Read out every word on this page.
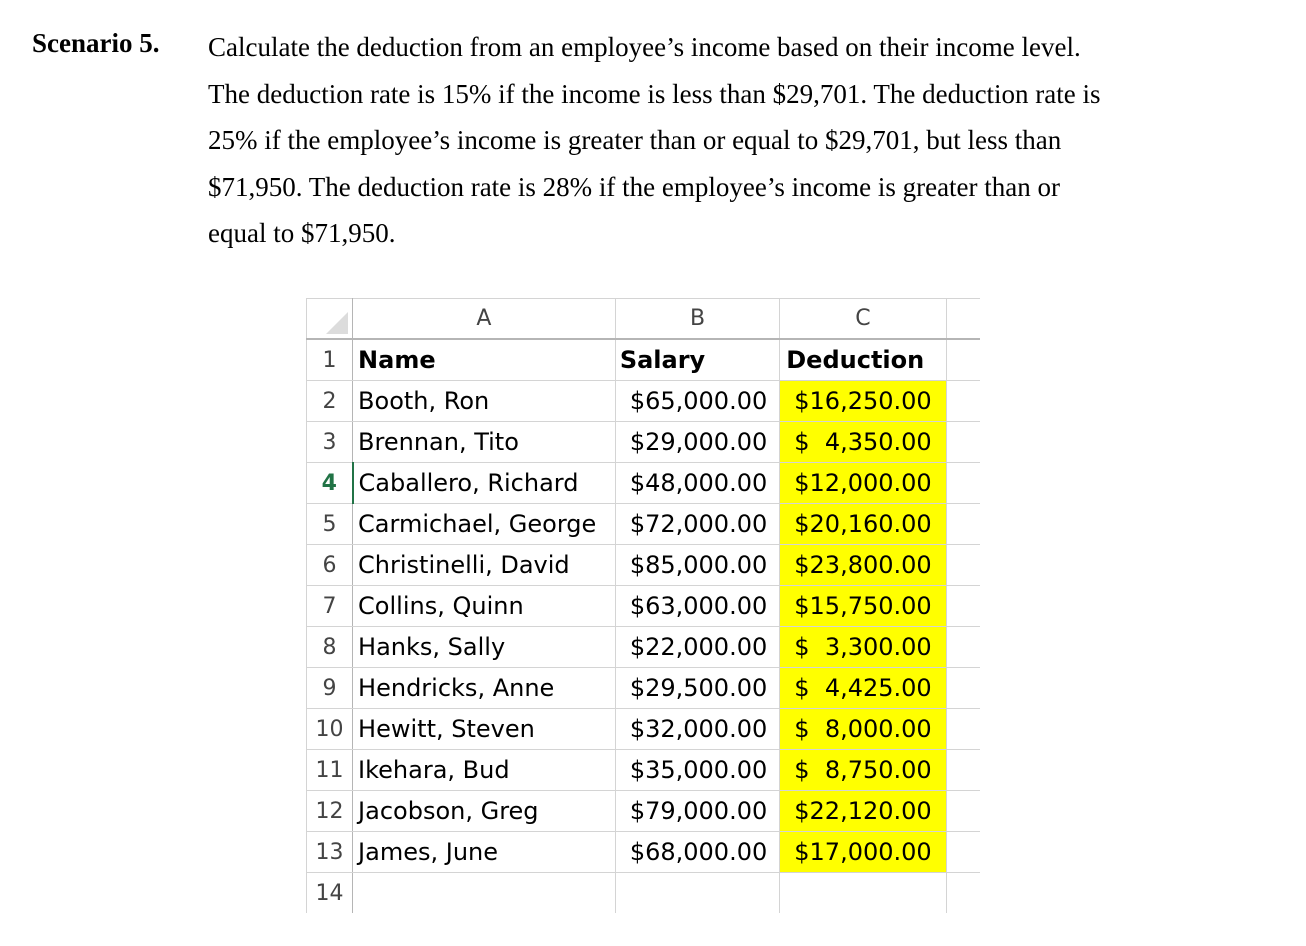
Scenario 5. Calculate the deduction from an employee’s income based on their income level.
The deduction rate is 15% if the income is less than $29,701. The deduction rate is
25% if the employee’s income is greater than or equal to $29,701, but less than
$71,950. The deduction rate is 28% if the employee’s income is greater than or
equal to $71,950.
	A	B	C	
1	Name	Salary	Deduction	
2	Booth, Ron	$ 65,000.00	$ 16,250.00	

3	Brennan, Tito	$ 29,000.00	$ 4,350.00	

4	Caballero, Richard	$ 48,000.00	$ 12,000.00	

5	Carmichael, George	$ 72,000.00	$ 20,160.00	

6	Christinelli, David	$ 85,000.00	$ 23,800.00	

7	Collins, Quinn	$ 63,000.00	$ 15,750.00	

8	Hanks, Sally	$ 22,000.00	$ 3,300.00	

9	Hendricks, Anne	$ 29,500.00	$ 4,425.00	

10	Hewitt, Steven	$ 32,000.00	$ 8,000.00	

11	Ikehara, Bud	$ 35,000.00	$ 8,750.00	

12	Jacobson, Greg	$ 79,000.00	$ 22,120.00	

13	James, June	$ 68,000.00	$ 17,000.00	

14				
